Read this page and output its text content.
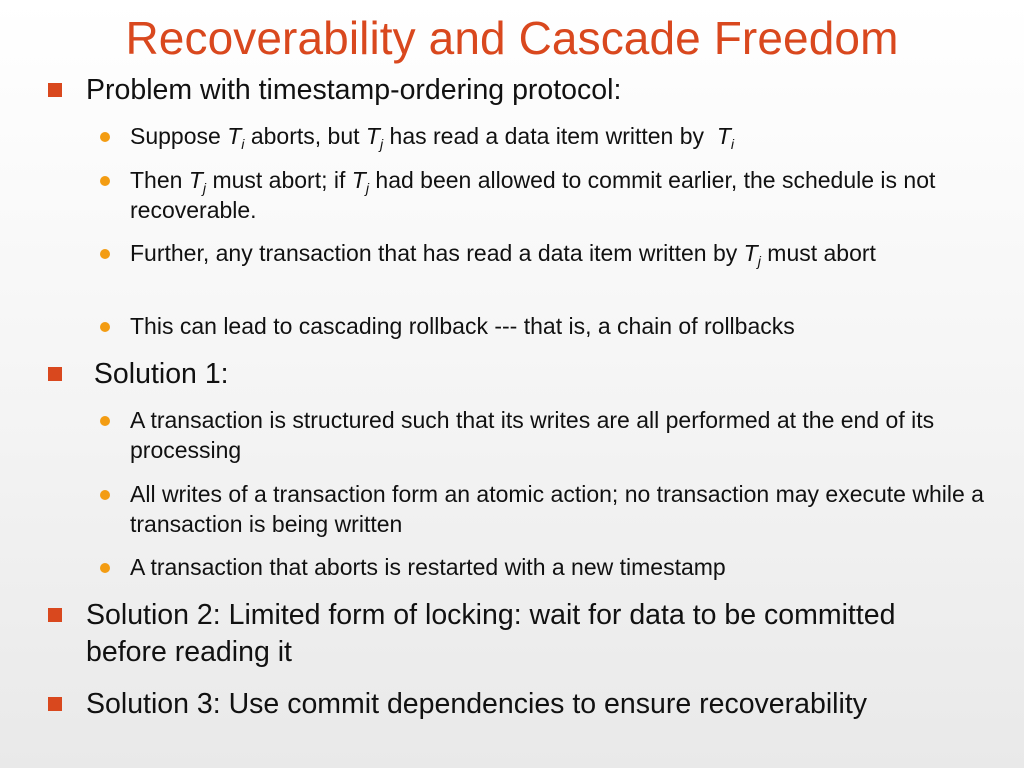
Recoverability and Cascade Freedom
Problem with timestamp-ordering protocol:
Suppose $T_i$ aborts, but $T_j$ has read a data item written by  $T_i$
Then $T_j$ must abort; if $T_j$ had been allowed to commit earlier, the schedule is not recoverable.
Further, any transaction that has read a data item written by $T_j$ must abort
This can lead to cascading rollback --- that is, a chain of rollbacks
Solution 1:
A transaction is structured such that its writes are all performed at the end of its processing
All writes of a transaction form an atomic action; no transaction may execute while a transaction is being written
A transaction that aborts is restarted with a new timestamp
Solution 2: Limited form of locking: wait for data to be committed before reading it
Solution 3: Use commit dependencies to ensure recoverability
